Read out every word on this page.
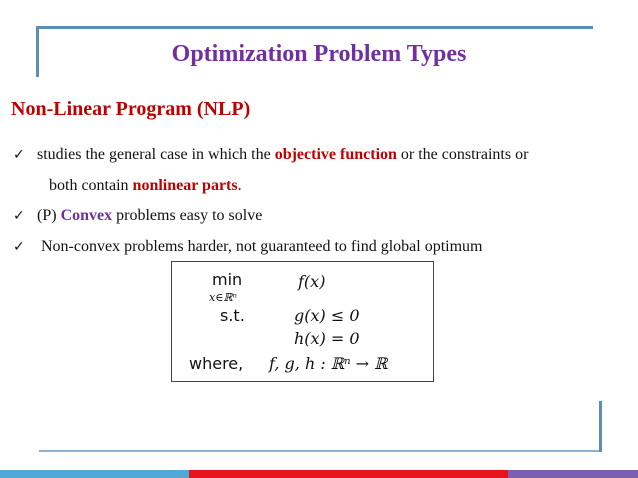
Optimization Problem Types
Non-Linear Program (NLP)
✓ studies the general case in which the objective function or the constraints or
both contain nonlinear parts.
✓ (P) Convex problems easy to solve
✓ Non-convex problems harder, not guaranteed to find global optimum
min
x∈ℝⁿ
f(x)
s.t.	g(x) ≤ 0
h(x) = 0
where, f, g, h : ℝⁿ → ℝ
